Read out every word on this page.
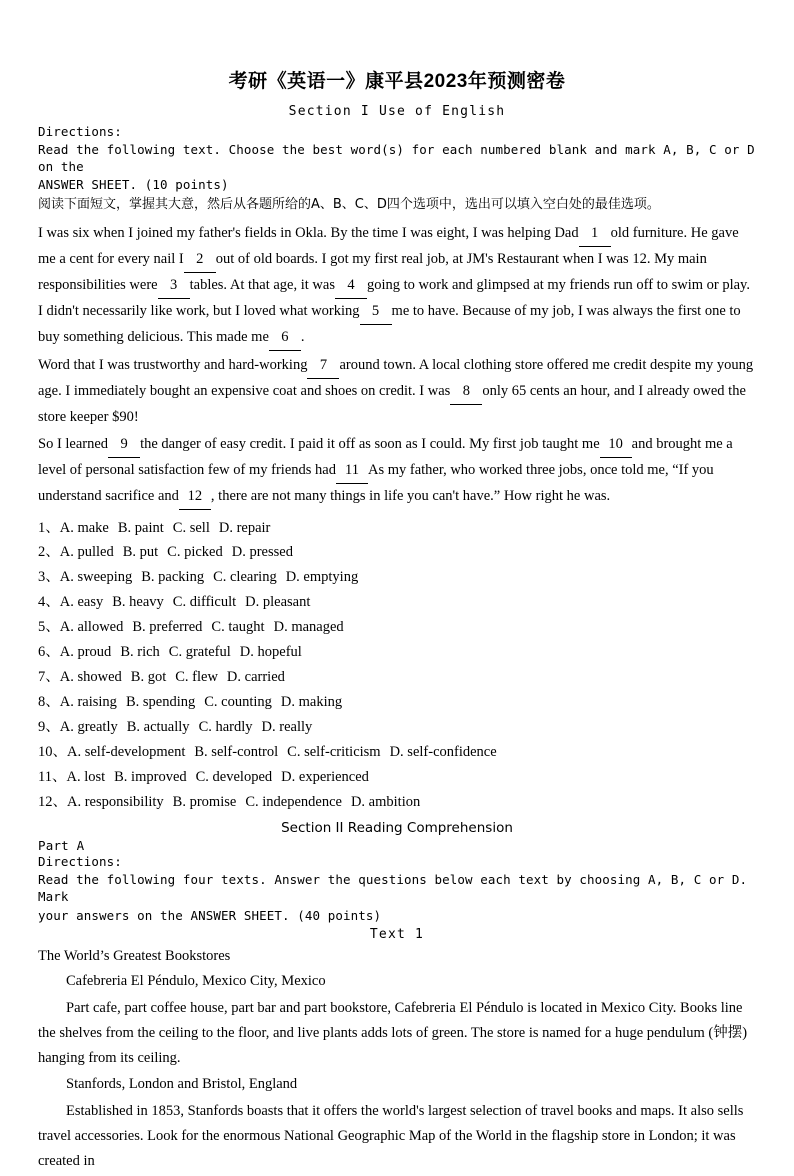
考研《英语一》康平县2023年预测密卷
Section I Use of English
Directions:
Read the following text. Choose the best word(s) for each numbered blank and mark A, B, C or D on the
ANSWER SHEET. (10 points)
阅读下面短文，掌握其大意，然后从各题所给的A、B、C、D四个选项中，选出可以填入空白处的最佳选项。

I was six when I joined my father's fields in Okla. By the time I was eight, I was helping Dad 1 old furniture. He gave me a cent for every nail I 2 out of old boards. I got my first real job, at JM's Restaurant when I was 12. My main responsibilities were 3 tables. At that age, it was 4 going to work and glimpsed at my friends run off to swim or play. I didn't necessarily like work, but I loved what working 5 me to have. Because of my job, I was always the first one to buy something delicious. This made me 6 .

Word that I was trustworthy and hard-working 7 around town. A local clothing store offered me credit despite my young age. I immediately bought an expensive coat and shoes on credit. I was 8 only 65 cents an hour, and I already owed the store keeper $90!

So I learned 9 the danger of easy credit. I paid it off as soon as I could. My first job taught me 10 and brought me a level of personal satisfaction few of my friends had 11 As my father, who worked three jobs, once told me, “If you understand sacrifice and 12 , there are not many things in life you can't have.” How right he was.

1、A. make B. paint C. sell D. repair
2、A. pulled B. put C. picked D. pressed
3、A. sweeping B. packing C. clearing D. emptying
4、A. easy B. heavy C. difficult D. pleasant
5、A. allowed B. preferred C. taught D. managed
6、A. proud B. rich C. grateful D. hopeful
7、A. showed B. got C. flew D. carried
8、A. raising B. spending C. counting D. making
9、A. greatly B. actually C. hardly D. really
10、A. self-development B. self-control C. self-criticism D. self-confidence
11、A. lost B. improved C. developed D. experienced
12、A. responsibility B. promise C. independence D. ambition
Section II Reading Comprehension
Part A
Directions:
Read the following four texts. Answer the questions below each text by choosing A, B, C or D. Mark
your answers on the ANSWER SHEET. (40 points)
Text 1

The World’s Greatest Bookstores

Cafebreria El Péndulo, Mexico City, Mexico

Part cafe, part coffee house, part bar and part bookstore, Cafebreria El Péndulo is located in Mexico City. Books line the shelves from the ceiling to the floor, and live plants adds lots of green. The store is named for a huge pendulum (钟摆) hanging from its ceiling.

Stanfords, London and Bristol, England

Established in 1853, Stanfords boasts that it offers the world's largest selection of travel books and maps. It also sells travel accessories. Look for the enormous National Geographic Map of the World in the flagship store in London; it was created in
